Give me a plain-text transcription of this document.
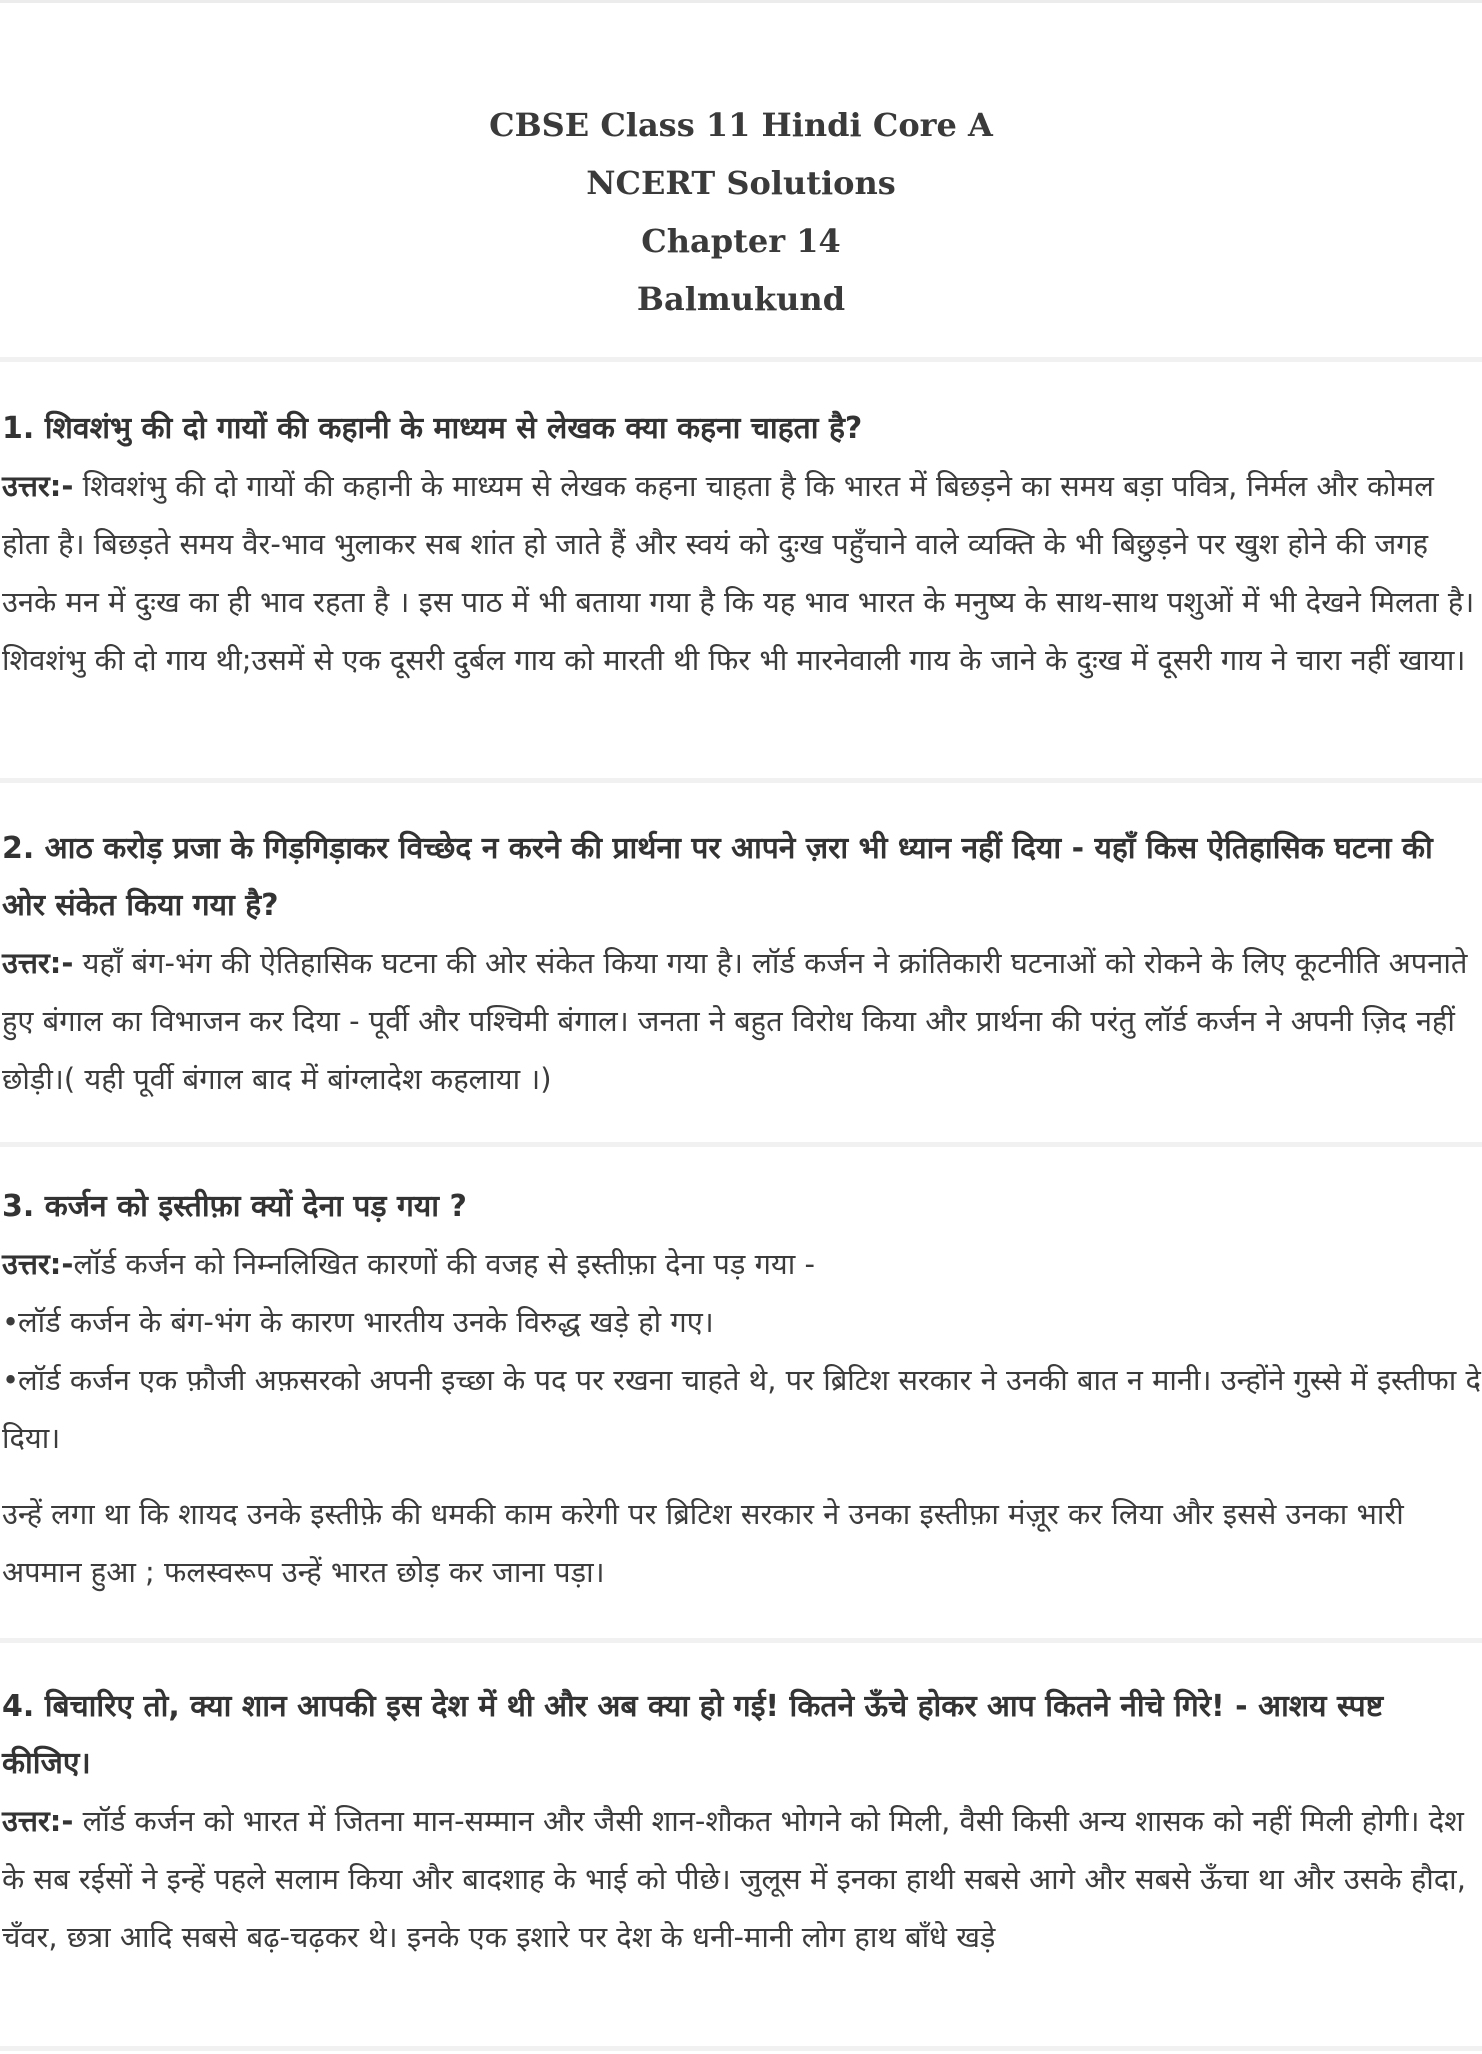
CBSE Class 11 Hindi Core A
NCERT Solutions
Chapter 14
Balmukund

1. शिवशंभु की दो गायों की कहानी के माध्यम से लेखक क्या कहना चाहता है?

उत्तर:- शिवशंभु की दो गायों की कहानी के माध्यम से लेखक कहना चाहता है कि भारत में बिछड़ने का समय बड़ा पवित्र, निर्मल और कोमल होता है। बिछड़ते समय वैर-भाव भुलाकर सब शांत हो जाते हैं और स्वयं को दुःख पहुँचाने वाले व्यक्ति के भी बिछुड़ने पर खुश होने की जगह उनके मन में दुःख का ही भाव रहता है । इस पाठ में भी बताया गया है कि यह भाव भारत के मनुष्य के साथ-साथ पशुओं में भी देखने मिलता है। शिवशंभु की दो गाय थी;उसमें से एक दूसरी दुर्बल गाय को मारती थी फिर भी मारनेवाली गाय के जाने के दुःख में दूसरी गाय ने चारा नहीं खाया।

2. आठ करोड़ प्रजा के गिड़गिड़ाकर विच्छेद न करने की प्रार्थना पर आपने ज़रा भी ध्यान नहीं दिया - यहाँ किस ऐतिहासिक घटना की ओर संकेत किया गया है?

उत्तर:- यहाँ बंग-भंग की ऐतिहासिक घटना की ओर संकेत किया गया है। लॉर्ड कर्जन ने क्रांतिकारी घटनाओं को रोकने के लिए कूटनीति अपनाते हुए बंगाल का विभाजन कर दिया - पूर्वी और पश्चिमी बंगाल। जनता ने बहुत विरोध किया और प्रार्थना की परंतु लॉर्ड कर्जन ने अपनी ज़िद नहीं छोड़ी।( यही पूर्वी बंगाल बाद में बांग्लादेश कहलाया ।)

3. कर्जन को इस्तीफ़ा क्यों देना पड़ गया ?

उत्तर:-लॉर्ड कर्जन को निम्नलिखित कारणों की वजह से इस्तीफ़ा देना पड़ गया -

•लॉर्ड कर्जन के बंग-भंग के कारण भारतीय उनके विरुद्ध खड़े हो गए।

•लॉर्ड कर्जन एक फ़ौजी अफ़सरको अपनी इच्छा के पद पर रखना चाहते थे, पर ब्रिटिश सरकार ने उनकी बात न मानी। उन्होंने गुस्से में इस्तीफा दे दिया।

उन्हें लगा था कि शायद उनके इस्तीफ़े की धमकी काम करेगी पर ब्रिटिश सरकार ने उनका इस्तीफ़ा मंज़ूर कर लिया और इससे उनका भारी अपमान हुआ ; फलस्वरूप उन्हें भारत छोड़ कर जाना पड़ा।

4. बिचारिए तो, क्या शान आपकी इस देश में थी और अब क्या हो गई! कितने ऊँचे होकर आप कितने नीचे गिरे! - आशय स्पष्ट कीजिए।

उत्तर:- लॉर्ड कर्जन को भारत में जितना मान-सम्मान और जैसी शान-शौकत भोगने को मिली, वैसी किसी अन्य शासक को नहीं मिली होगी। देश के सब रईसों ने इन्हें पहले सलाम किया और बादशाह के भाई को पीछे। जुलूस में इनका हाथी सबसे आगे और सबसे ऊँचा था और उसके हौदा, चँवर, छत्रा आदि सबसे बढ़-चढ़कर थे। इनके एक इशारे पर देश के धनी-मानी लोग हाथ बाँधे खड़े
